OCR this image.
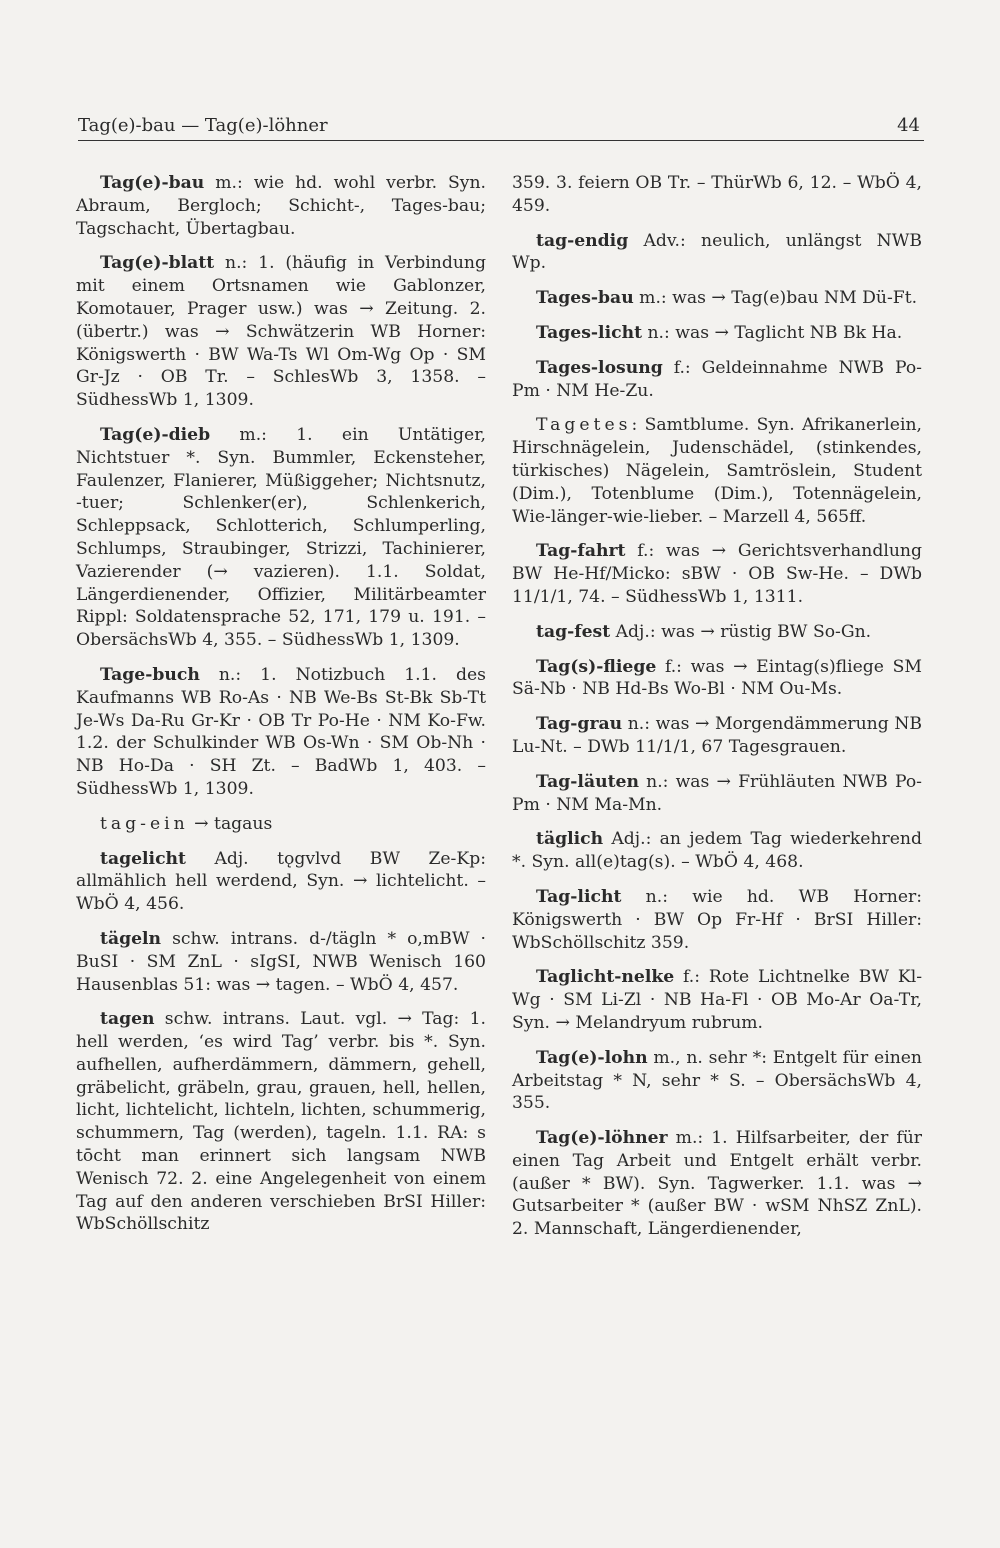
Tag(e)-bau — Tag(e)-löhner	44

Tag(e)-bau m.: wie hd. wohl verbr. Syn. Abraum, Bergloch; Schicht-, Tages-bau; Tagschacht, Übertagbau.

Tag(e)-blatt n.: 1. (häufig in Verbindung mit einem Ortsnamen wie Gablonzer, Komotauer, Prager usw.) was → Zeitung. 2. (übertr.) was → Schwätzerin WB Horner: Königswerth · BW Wa-Ts Wl Om-Wg Op · SM Gr-Jz · OB Tr. – SchlesWb 3, 1358. – SüdhessWb 1, 1309.

Tag(e)-dieb m.: 1. ein Untätiger, Nichtstuer *. Syn. Bummler, Eckensteher, Faulenzer, Flanierer, Müßiggeher; Nichtsnutz, -tuer; Schlenker(er), Schlenkerich, Schleppsack, Schlotterich, Schlumperling, Schlumps, Straubinger, Strizzi, Tachinierer, Vazierender (→ vazieren). 1.1. Soldat, Längerdienender, Offizier, Militärbeamter Rippl: Soldatensprache 52, 171, 179 u. 191. – ObersächsWb 4, 355. – SüdhessWb 1, 1309.

Tage-buch n.: 1. Notizbuch 1.1. des Kaufmanns WB Ro-As · NB We-Bs St-Bk Sb-Tt Je-Ws Da-Ru Gr-Kr · OB Tr Po-He · NM Ko-Fw. 1.2. der Schulkinder WB Os-Wn · SM Ob-Nh · NB Ho-Da · SH Zt. – BadWb 1, 403. – SüdhessWb 1, 1309.

tag-ein → tagaus

tagelicht Adj. tǫgvlvd BW Ze-Kp: allmählich hell werdend, Syn. → lichtelicht. – WbÖ 4, 456.

tägeln schw. intrans. d-/tägln * o,mBW · BuSI · SM ZnL · sIgSI, NWB Wenisch 160 Hausenblas 51: was → tagen. – WbÖ 4, 457.

tagen schw. intrans. Laut. vgl. → Tag: 1. hell werden, ‘es wird Tag’ verbr. bis *. Syn. aufhellen, aufherdämmern, dämmern, gehell, gräbelicht, gräbeln, grau, grauen, hell, hellen, licht, lichtelicht, lichteln, lichten, schummerig, schummern, Tag (werden), tageln. 1.1. RA: s tōcht man erinnert sich langsam NWB Wenisch 72. 2. eine Angelegenheit von einem Tag auf den anderen verschieben BrSI Hiller: WbSchöllschitz

359. 3. feiern OB Tr. – ThürWb 6, 12. – WbÖ 4, 459.

tag-endig Adv.: neulich, unlängst NWB Wp.

Tages-bau m.: was → Tag(e)bau NM Dü-Ft.

Tages-licht n.: was → Taglicht NB Bk Ha.

Tages-losung f.: Geldeinnahme NWB Po-Pm · NM He-Zu.

Tagetes: Samtblume. Syn. Afrikanerlein, Hirschnägelein, Judenschädel, (stinkendes, türkisches) Nägelein, Samtröslein, Student (Dim.), Totenblume (Dim.), Totennägelein, Wie-länger-wie-lieber. – Marzell 4, 565ff.

Tag-fahrt f.: was → Gerichtsverhandlung BW He-Hf/Micko: sBW · OB Sw-He. – DWb 11/1/1, 74. – SüdhessWb 1, 1311.

tag-fest Adj.: was → rüstig BW So-Gn.

Tag(s)-fliege f.: was → Eintag(s)fliege SM Sä-Nb · NB Hd-Bs Wo-Bl · NM Ou-Ms.

Tag-grau n.: was → Morgendämmerung NB Lu-Nt. – DWb 11/1/1, 67 Tagesgrauen.

Tag-läuten n.: was → Frühläuten NWB Po-Pm · NM Ma-Mn.

täglich Adj.: an jedem Tag wiederkehrend *. Syn. all(e)tag(s). – WbÖ 4, 468.

Tag-licht n.: wie hd. WB Horner: Königswerth · BW Op Fr-Hf · BrSI Hiller: WbSchöllschitz 359.

Taglicht-nelke f.: Rote Lichtnelke BW Kl-Wg · SM Li-Zl · NB Ha-Fl · OB Mo-Ar Oa-Tr, Syn. → Melandryum rubrum.

Tag(e)-lohn m., n. sehr *: Entgelt für einen Arbeitstag * N, sehr * S. – ObersächsWb 4, 355.

Tag(e)-löhner m.: 1. Hilfsarbeiter, der für einen Tag Arbeit und Entgelt erhält verbr. (außer * BW). Syn. Tagwerker. 1.1. was → Gutsarbeiter * (außer BW · wSM NhSZ ZnL). 2. Mannschaft, Längerdienender,
